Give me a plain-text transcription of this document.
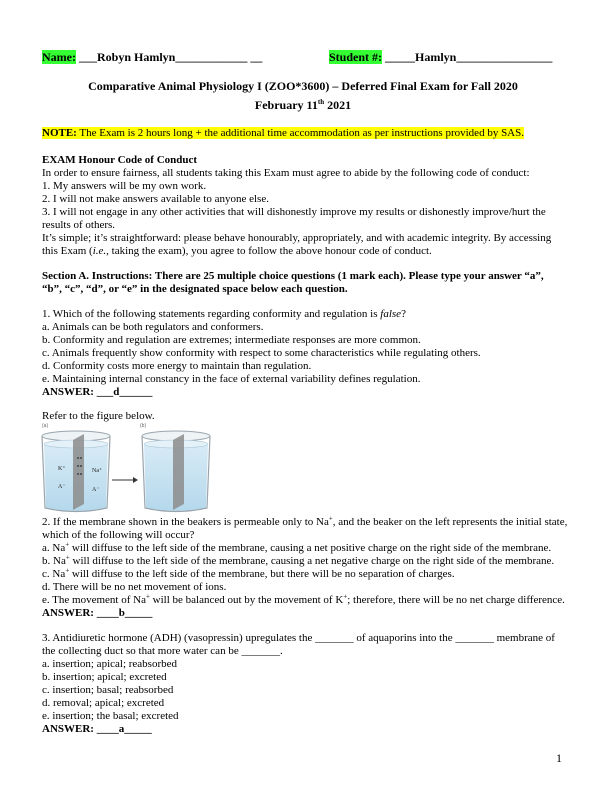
Name: ___Robyn Hamlyn____________ __	Student #: _____Hamlyn________________
Comparative Animal Physiology I (ZOO*3600) – Deferred Final Exam for Fall 2020
February 11th 2021
NOTE: The Exam is 2 hours long + the additional time accommodation as per instructions provided by SAS.
EXAM Honour Code of Conduct
In order to ensure fairness, all students taking this Exam must agree to abide by the following code of conduct:
1. My answers will be my own work.
2. I will not make answers available to anyone else.
3. I will not engage in any other activities that will dishonestly improve my results or dishonestly improve/hurt the
results of others.
It’s simple; it’s straightforward: please behave honourably, appropriately, and with academic integrity. By accessing
this Exam (i.e., taking the exam), you agree to follow the above honour code of conduct.
Section A. Instructions: There are 25 multiple choice questions (1 mark each). Please type your answer “a”,
“b”, “c”, “d”, or “e” in the designated space below each question.
1. Which of the following statements regarding conformity and regulation is false?
a. Animals can be both regulators and conformers.
b. Conformity and regulation are extremes; intermediate responses are more common.
c. Animals frequently show conformity with respect to some characteristics while regulating others.
d. Conformity costs more energy to maintain than regulation.
e. Maintaining internal constancy in the face of external variability defines regulation.
ANSWER: ___d______
Refer to the figure below.
(a)	(b)
K⁺	Na⁺
A⁻	A⁻
2. If the membrane shown in the beakers is permeable only to Na+, and the beaker on the left represents the initial state,
which of the following will occur?
a. Na+ will diffuse to the left side of the membrane, causing a net positive charge on the right side of the membrane.
b. Na+ will diffuse to the left side of the membrane, causing a net negative charge on the right side of the membrane.
c. Na+ will diffuse to the left side of the membrane, but there will be no separation of charges.
d. There will be no net movement of ions.
e. The movement of Na+ will be balanced out by the movement of K+; therefore, there will be no net charge difference.
ANSWER: ____b_____
3. Antidiuretic hormone (ADH) (vasopressin) upregulates the _______ of aquaporins into the _______ membrane of
the collecting duct so that more water can be _______.
a. insertion; apical; reabsorbed
b. insertion; apical; excreted
c. insertion; basal; reabsorbed
d. removal; apical; excreted
e. insertion; the basal; excreted
ANSWER: ____a_____
1
